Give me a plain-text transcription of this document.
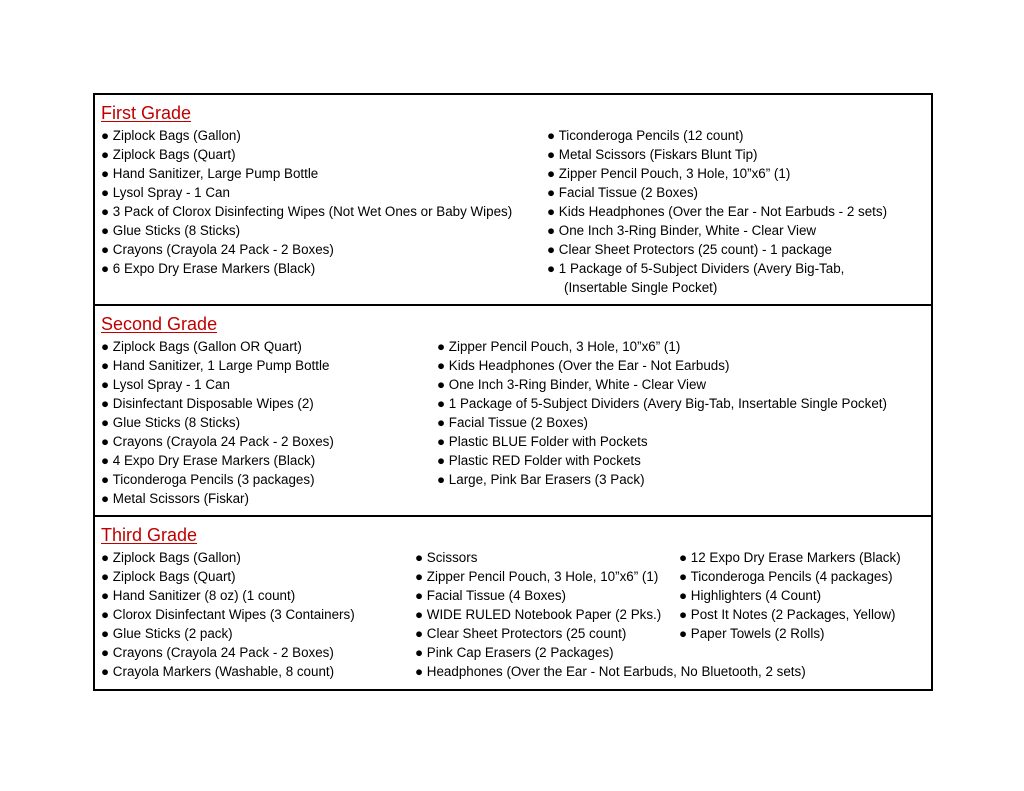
First Grade
● Ziplock Bags (Gallon)
● Ziplock Bags (Quart)
● Hand Sanitizer, Large Pump Bottle
● Lysol Spray - 1 Can
● 3 Pack of Clorox Disinfecting Wipes (Not Wet Ones or Baby Wipes)
● Glue Sticks (8 Sticks)
● Crayons (Crayola 24 Pack - 2 Boxes)
● 6 Expo Dry Erase Markers (Black)
● Ticonderoga Pencils (12 count)
● Metal Scissors (Fiskars Blunt Tip)
● Zipper Pencil Pouch, 3 Hole, 10”x6” (1)
● Facial Tissue (2 Boxes)
● Kids Headphones (Over the Ear - Not Earbuds - 2 sets)
● One Inch 3-Ring Binder, White - Clear View
● Clear Sheet Protectors (25 count) - 1 package
● 1 Package of 5-Subject Dividers (Avery Big-Tab,
(Insertable Single Pocket)
Second Grade
● Ziplock Bags (Gallon OR Quart)
● Hand Sanitizer, 1 Large Pump Bottle
● Lysol Spray - 1 Can
● Disinfectant Disposable Wipes (2)
● Glue Sticks (8 Sticks)
● Crayons (Crayola 24 Pack - 2 Boxes)
● 4 Expo Dry Erase Markers (Black)
● Ticonderoga Pencils (3 packages)
● Metal Scissors (Fiskar)
● Zipper Pencil Pouch, 3 Hole, 10”x6” (1)
● Kids Headphones (Over the Ear - Not Earbuds)
● One Inch 3-Ring Binder, White - Clear View
● 1 Package of 5-Subject Dividers (Avery Big-Tab, Insertable Single Pocket)
● Facial Tissue (2 Boxes)
● Plastic BLUE Folder with Pockets
● Plastic RED Folder with Pockets
● Large, Pink Bar Erasers (3 Pack)
Third Grade
● Ziplock Bags (Gallon)
● Ziplock Bags (Quart)
● Hand Sanitizer (8 oz) (1 count)
● Clorox Disinfectant Wipes (3 Containers)
● Glue Sticks (2 pack)
● Crayons (Crayola 24 Pack - 2 Boxes)
● Crayola Markers (Washable, 8 count)
● Scissors
● Zipper Pencil Pouch, 3 Hole, 10”x6” (1)
● Facial Tissue (4 Boxes)
● WIDE RULED Notebook Paper (2 Pks.)
● Clear Sheet Protectors (25 count)
● Pink Cap Erasers (2 Packages)
● Headphones (Over the Ear - Not Earbuds, No Bluetooth, 2 sets)
● 12 Expo Dry Erase Markers (Black)
● Ticonderoga Pencils (4 packages)
● Highlighters (4 Count)
● Post It Notes (2 Packages, Yellow)
● Paper Towels (2 Rolls)
